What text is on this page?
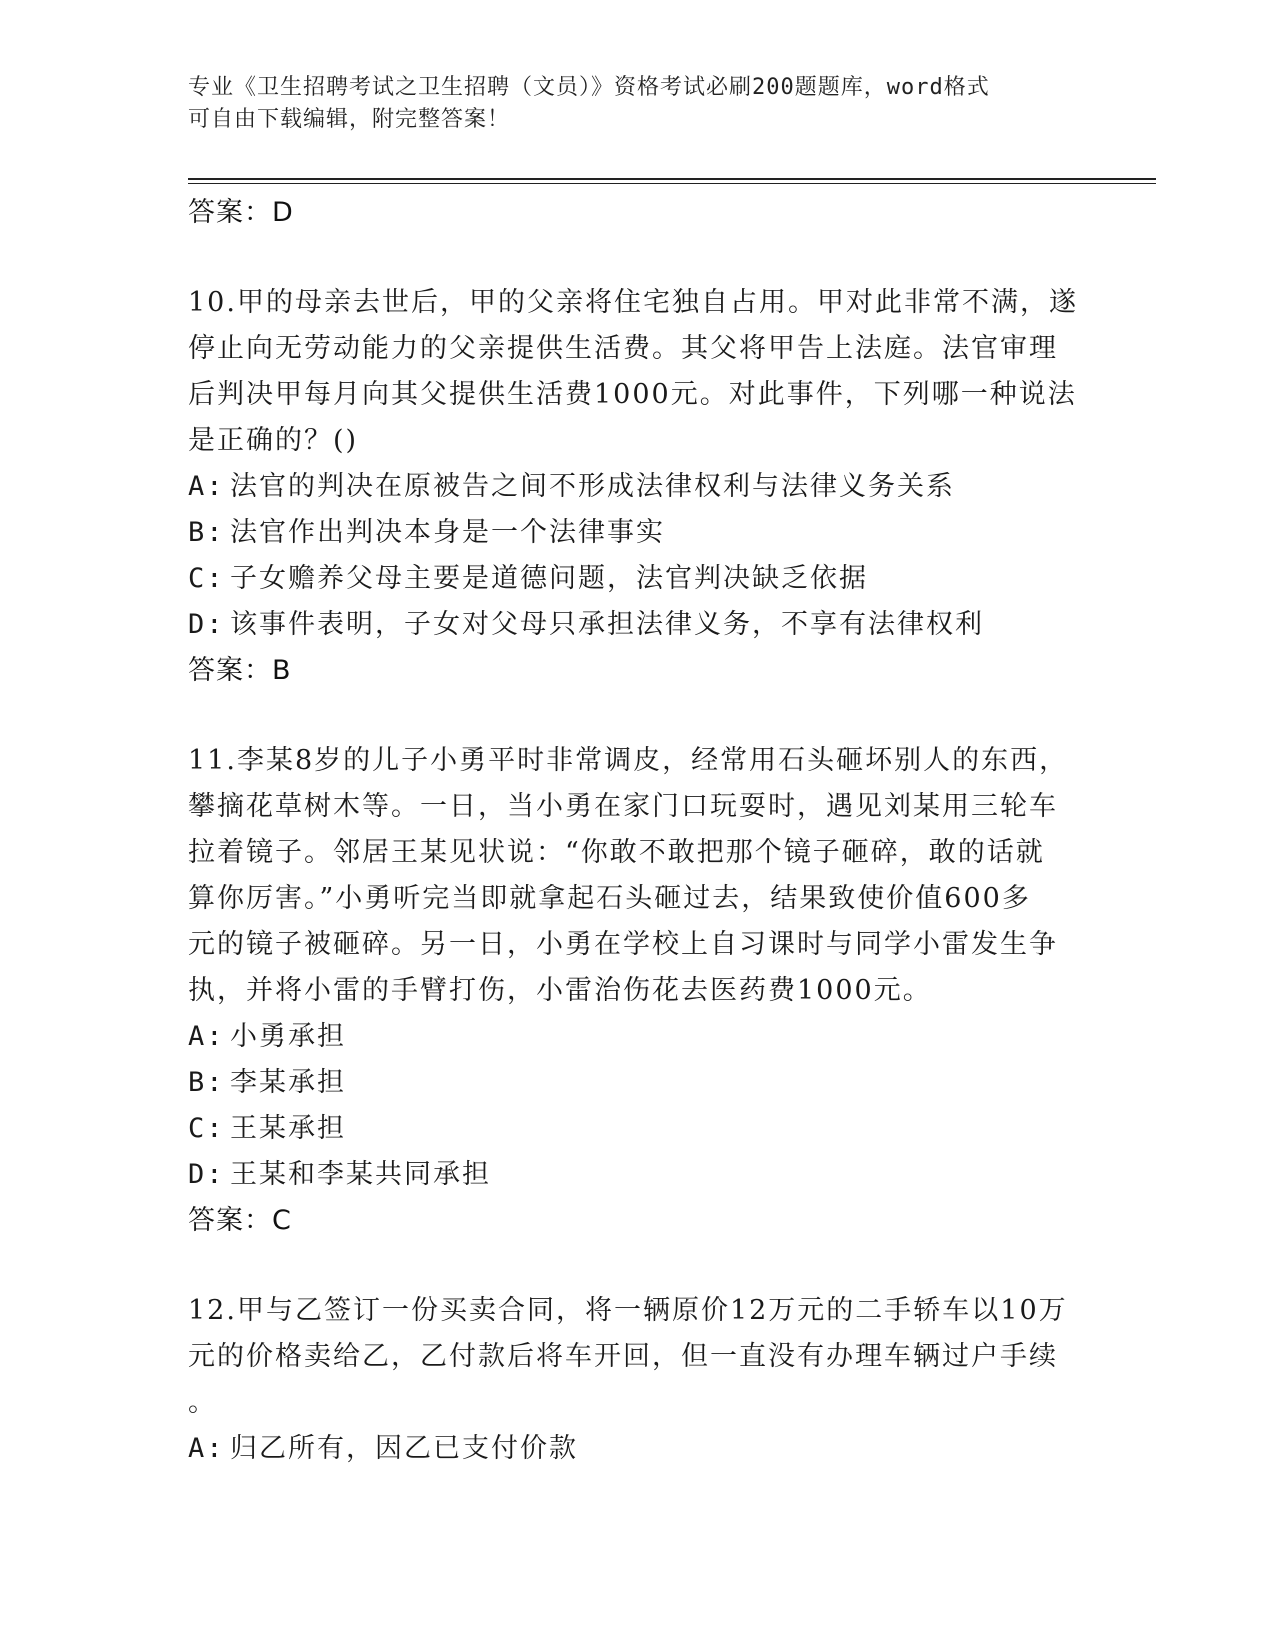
专业《卫生招聘考试之卫生招聘（文员）》资格考试必刷200题题库，word格式
可自由下载编辑，附完整答案！
答案：D
10.甲的母亲去世后，甲的父亲将住宅独自占用。甲对此非常不满，遂
停止向无劳动能力的父亲提供生活费。其父将甲告上法庭。法官审理
后判决甲每月向其父提供生活费1000元。对此事件，下列哪一种说法
是正确的？()
A: 法官的判决在原被告之间不形成法律权利与法律义务关系
B: 法官作出判决本身是一个法律事实
C: 子女赡养父母主要是道德问题，法官判决缺乏依据
D: 该事件表明，子女对父母只承担法律义务，不享有法律权利
答案：B
11.李某8岁的儿子小勇平时非常调皮，经常用石头砸坏别人的东西，
攀摘花草树木等。一日，当小勇在家门口玩耍时，遇见刘某用三轮车
拉着镜子。邻居王某见状说：“你敢不敢把那个镜子砸碎，敢的话就
算你厉害。”小勇听完当即就拿起石头砸过去，结果致使价值600多
元的镜子被砸碎。另一日，小勇在学校上自习课时与同学小雷发生争
执，并将小雷的手臂打伤，小雷治伤花去医药费1000元。
A: 小勇承担
B: 李某承担
C: 王某承担
D: 王某和李某共同承担
答案：C
12.甲与乙签订一份买卖合同，将一辆原价12万元的二手轿车以10万
元的价格卖给乙，乙付款后将车开回，但一直没有办理车辆过户手续
。
A: 归乙所有，因乙已支付价款
